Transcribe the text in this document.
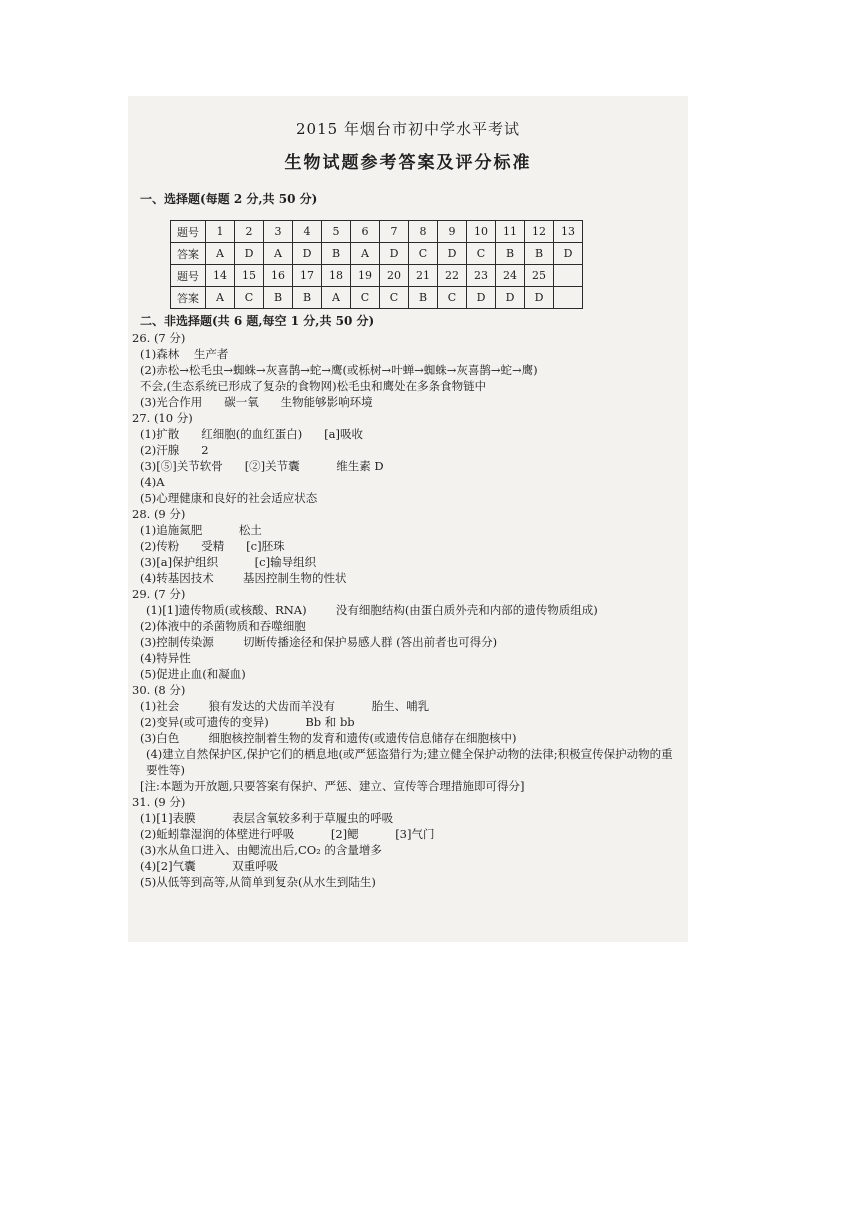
2015 年烟台市初中学水平考试
生物试题参考答案及评分标准
一、选择题(每题 2 分,共 50 分)
题号	1	2	3	4	5	6	7	8	9	10	11	12	13
答案	A	D	A	D	B	A	D	C	D	C	B	B	D
题号	14	15	16	17	18	19	20	21	22	23	24	25	
答案	A	C	B	B	A	C	C	B	C	D	D	D	
二、非选择题(共 6 题,每空 1 分,共 50 分)
26. (7 分)
(1)森林    生产者
(2)赤松→松毛虫→蜘蛛→灰喜鹊→蛇→鹰(或栎树→叶蝉→蜘蛛→灰喜鹊→蛇→鹰)
不会,(生态系统已形成了复杂的食物网)松毛虫和鹰处在多条食物链中
(3)光合作用      碳一氧      生物能够影响环境
27. (10 分)
(1)扩散      红细胞(的血红蛋白)      [a]吸收
(2)汗腺      2
(3)[⑤]关节软骨      [②]关节囊          维生素 D
(4)A
(5)心理健康和良好的社会适应状态
28. (9 分)
(1)追施氮肥          松土
(2)传粉      受精      [c]胚珠
(3)[a]保护组织          [c]输导组织
(4)转基因技术        基因控制生物的性状
29. (7 分)
(1)[1]遗传物质(或核酸、RNA)        没有细胞结构(由蛋白质外壳和内部的遗传物质组成)
(2)体液中的杀菌物质和吞噬细胞
(3)控制传染源        切断传播途径和保护易感人群 (答出前者也可得分)
(4)特异性
(5)促进止血(和凝血)
30. (8 分)
(1)社会        狼有发达的犬齿而羊没有          胎生、哺乳
(2)变异(或可遗传的变异)          Bb 和 bb
(3)白色        细胞核控制着生物的发育和遗传(或遗传信息储存在细胞核中)
(4)建立自然保护区,保护它们的栖息地(或严惩盗猎行为;建立健全保护动物的法律;积极宣传保护动物的重要性等)
[注:本题为开放题,只要答案有保护、严惩、建立、宣传等合理措施即可得分]
31. (9 分)
(1)[1]表膜          表层含氧较多利于草履虫的呼吸
(2)蚯蚓靠湿润的体壁进行呼吸          [2]鳃          [3]气门
(3)水从鱼口进入、由鳃流出后,CO₂ 的含量增多
(4)[2]气囊          双重呼吸
(5)从低等到高等,从简单到复杂(从水生到陆生)
